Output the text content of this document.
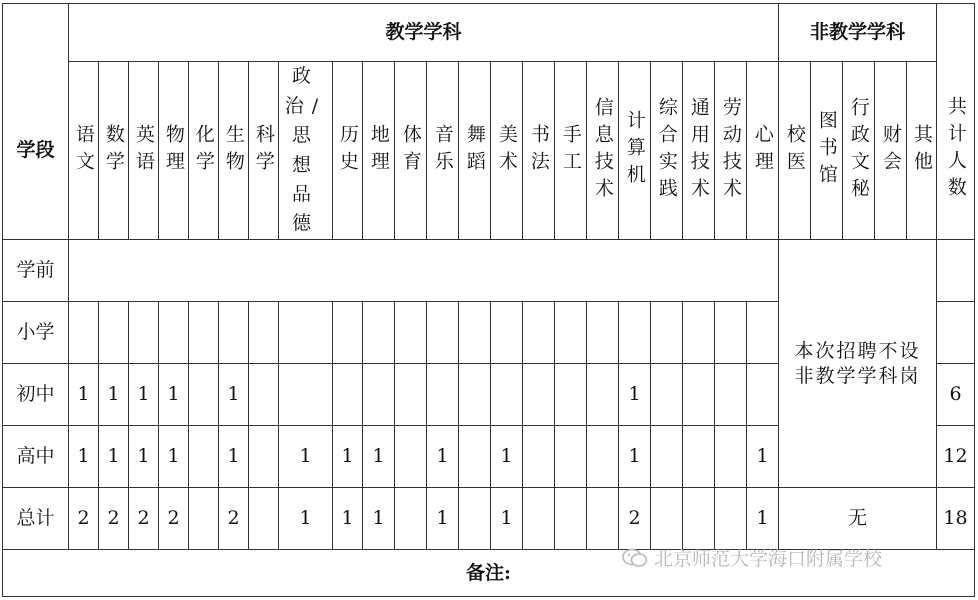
	教学学科																						非教学学科					
学段	语文	数学	英语	物理	化学	生物	科学	政治/思想品德	历史	地理	体育	音乐	舞蹈	美术	书法	手工	信息技术	计算机	综合实践	通用技术	劳动技术	心理	校医	图书馆	行政文秘	财会	其他	共计人数
学前																							本次招聘不设非教学学科岗					
小学																												
初中	1	1	1	1		1												1										6
高中	1	1	1	1		1		1	1	1		1		1				1				1						12
总计	2	2	2	2		2		1	1	1		1		1				2				1	无					18
备注:																												
北京师范大学海口附属学校
